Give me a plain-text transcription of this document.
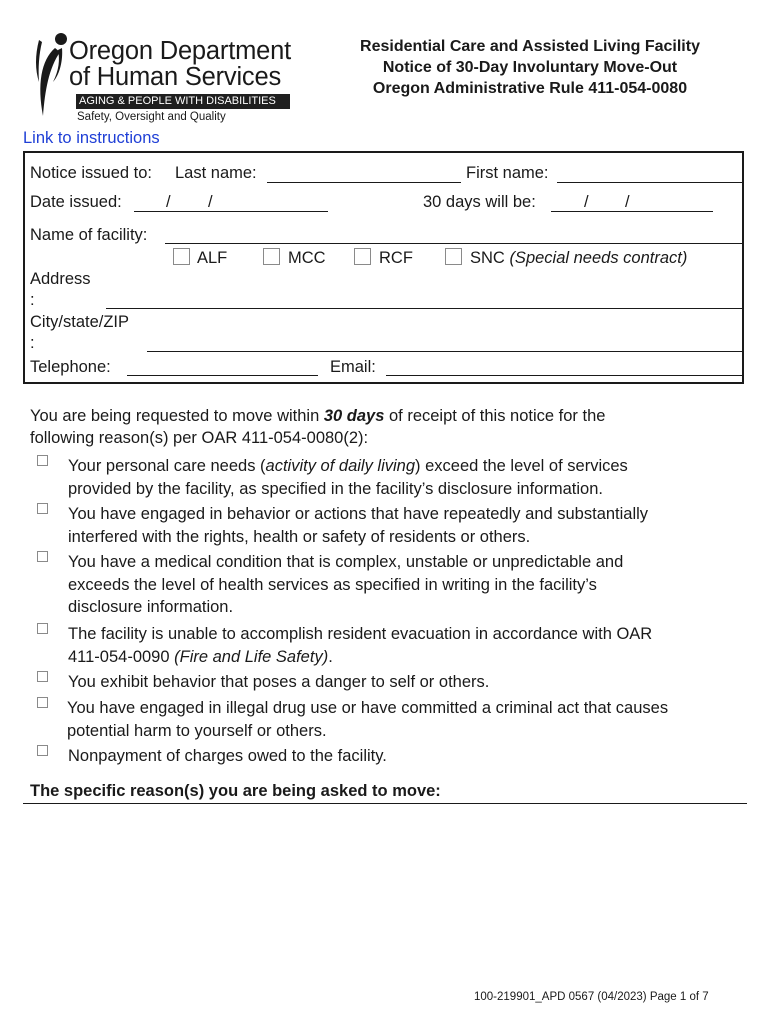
Oregon Department
of Human Services
AGING & PEOPLE WITH DISABILITIES
Safety, Oversight and Quality
Residential Care and Assisted Living Facility
Notice of 30-Day Involuntary Move-Out
Oregon Administrative Rule 411-054-0080
Link to instructions
Notice issued to: Last name:	First name:
Date issued:	/ /	30 days will be:	/ /
Name of facility:
ALF	MCC	RCF	SNC (Special needs contract)
Address
:
City/state/ZIP
:
Telephone:	Email:
You are being requested to move within 30 days of receipt of this notice for the
following reason(s) per OAR 411-054-0080(2):
Your personal care needs (activity of daily living) exceed the level of services
provided by the facility, as specified in the facility’s disclosure information.
You have engaged in behavior or actions that have repeatedly and substantially
interfered with the rights, health or safety of residents or others.
You have a medical condition that is complex, unstable or unpredictable and
exceeds the level of health services as specified in writing in the facility’s
disclosure information.
The facility is unable to accomplish resident evacuation in accordance with OAR
411-054-0090 (Fire and Life Safety).
You exhibit behavior that poses a danger to self or others.
You have engaged in illegal drug use or have committed a criminal act that causes
potential harm to yourself or others.
Nonpayment of charges owed to the facility.
The specific reason(s) you are being asked to move:
100-219901_APD 0567 (04/2023) Page 1 of 7
